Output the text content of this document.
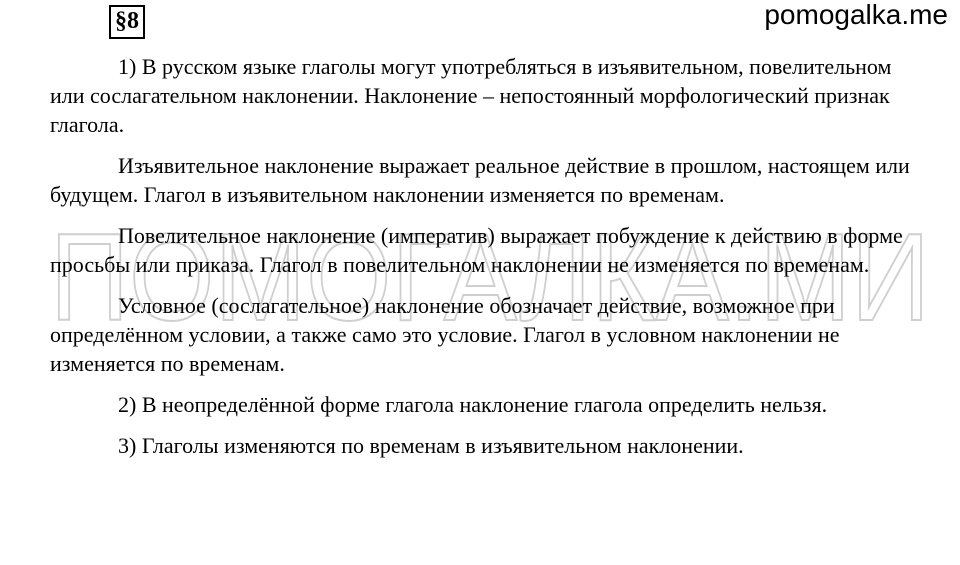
ПОМОГАЛКА.МИ
§8	pomogalka.me

1) В русском языке глаголы могут употребляться в изъявительном, повелительном или сослагательном наклонении. Наклонение – непостоянный морфологический признак глагола.

Изъявительное наклонение выражает реальное действие в прошлом, настоящем или будущем. Глагол в изъявительном наклонении изменяется по временам.

Повелительное наклонение (императив) выражает побуждение к действию в форме просьбы или приказа. Глагол в повелительном наклонении не изменяется по временам.

Условное (сослагательное) наклонение обозначает действие, возможное при определённом условии, а также само это условие. Глагол в условном наклонении не изменяется по временам.

2) В неопределённой форме глагола наклонение глагола определить нельзя.

3) Глаголы изменяются по временам в изъявительном наклонении.
